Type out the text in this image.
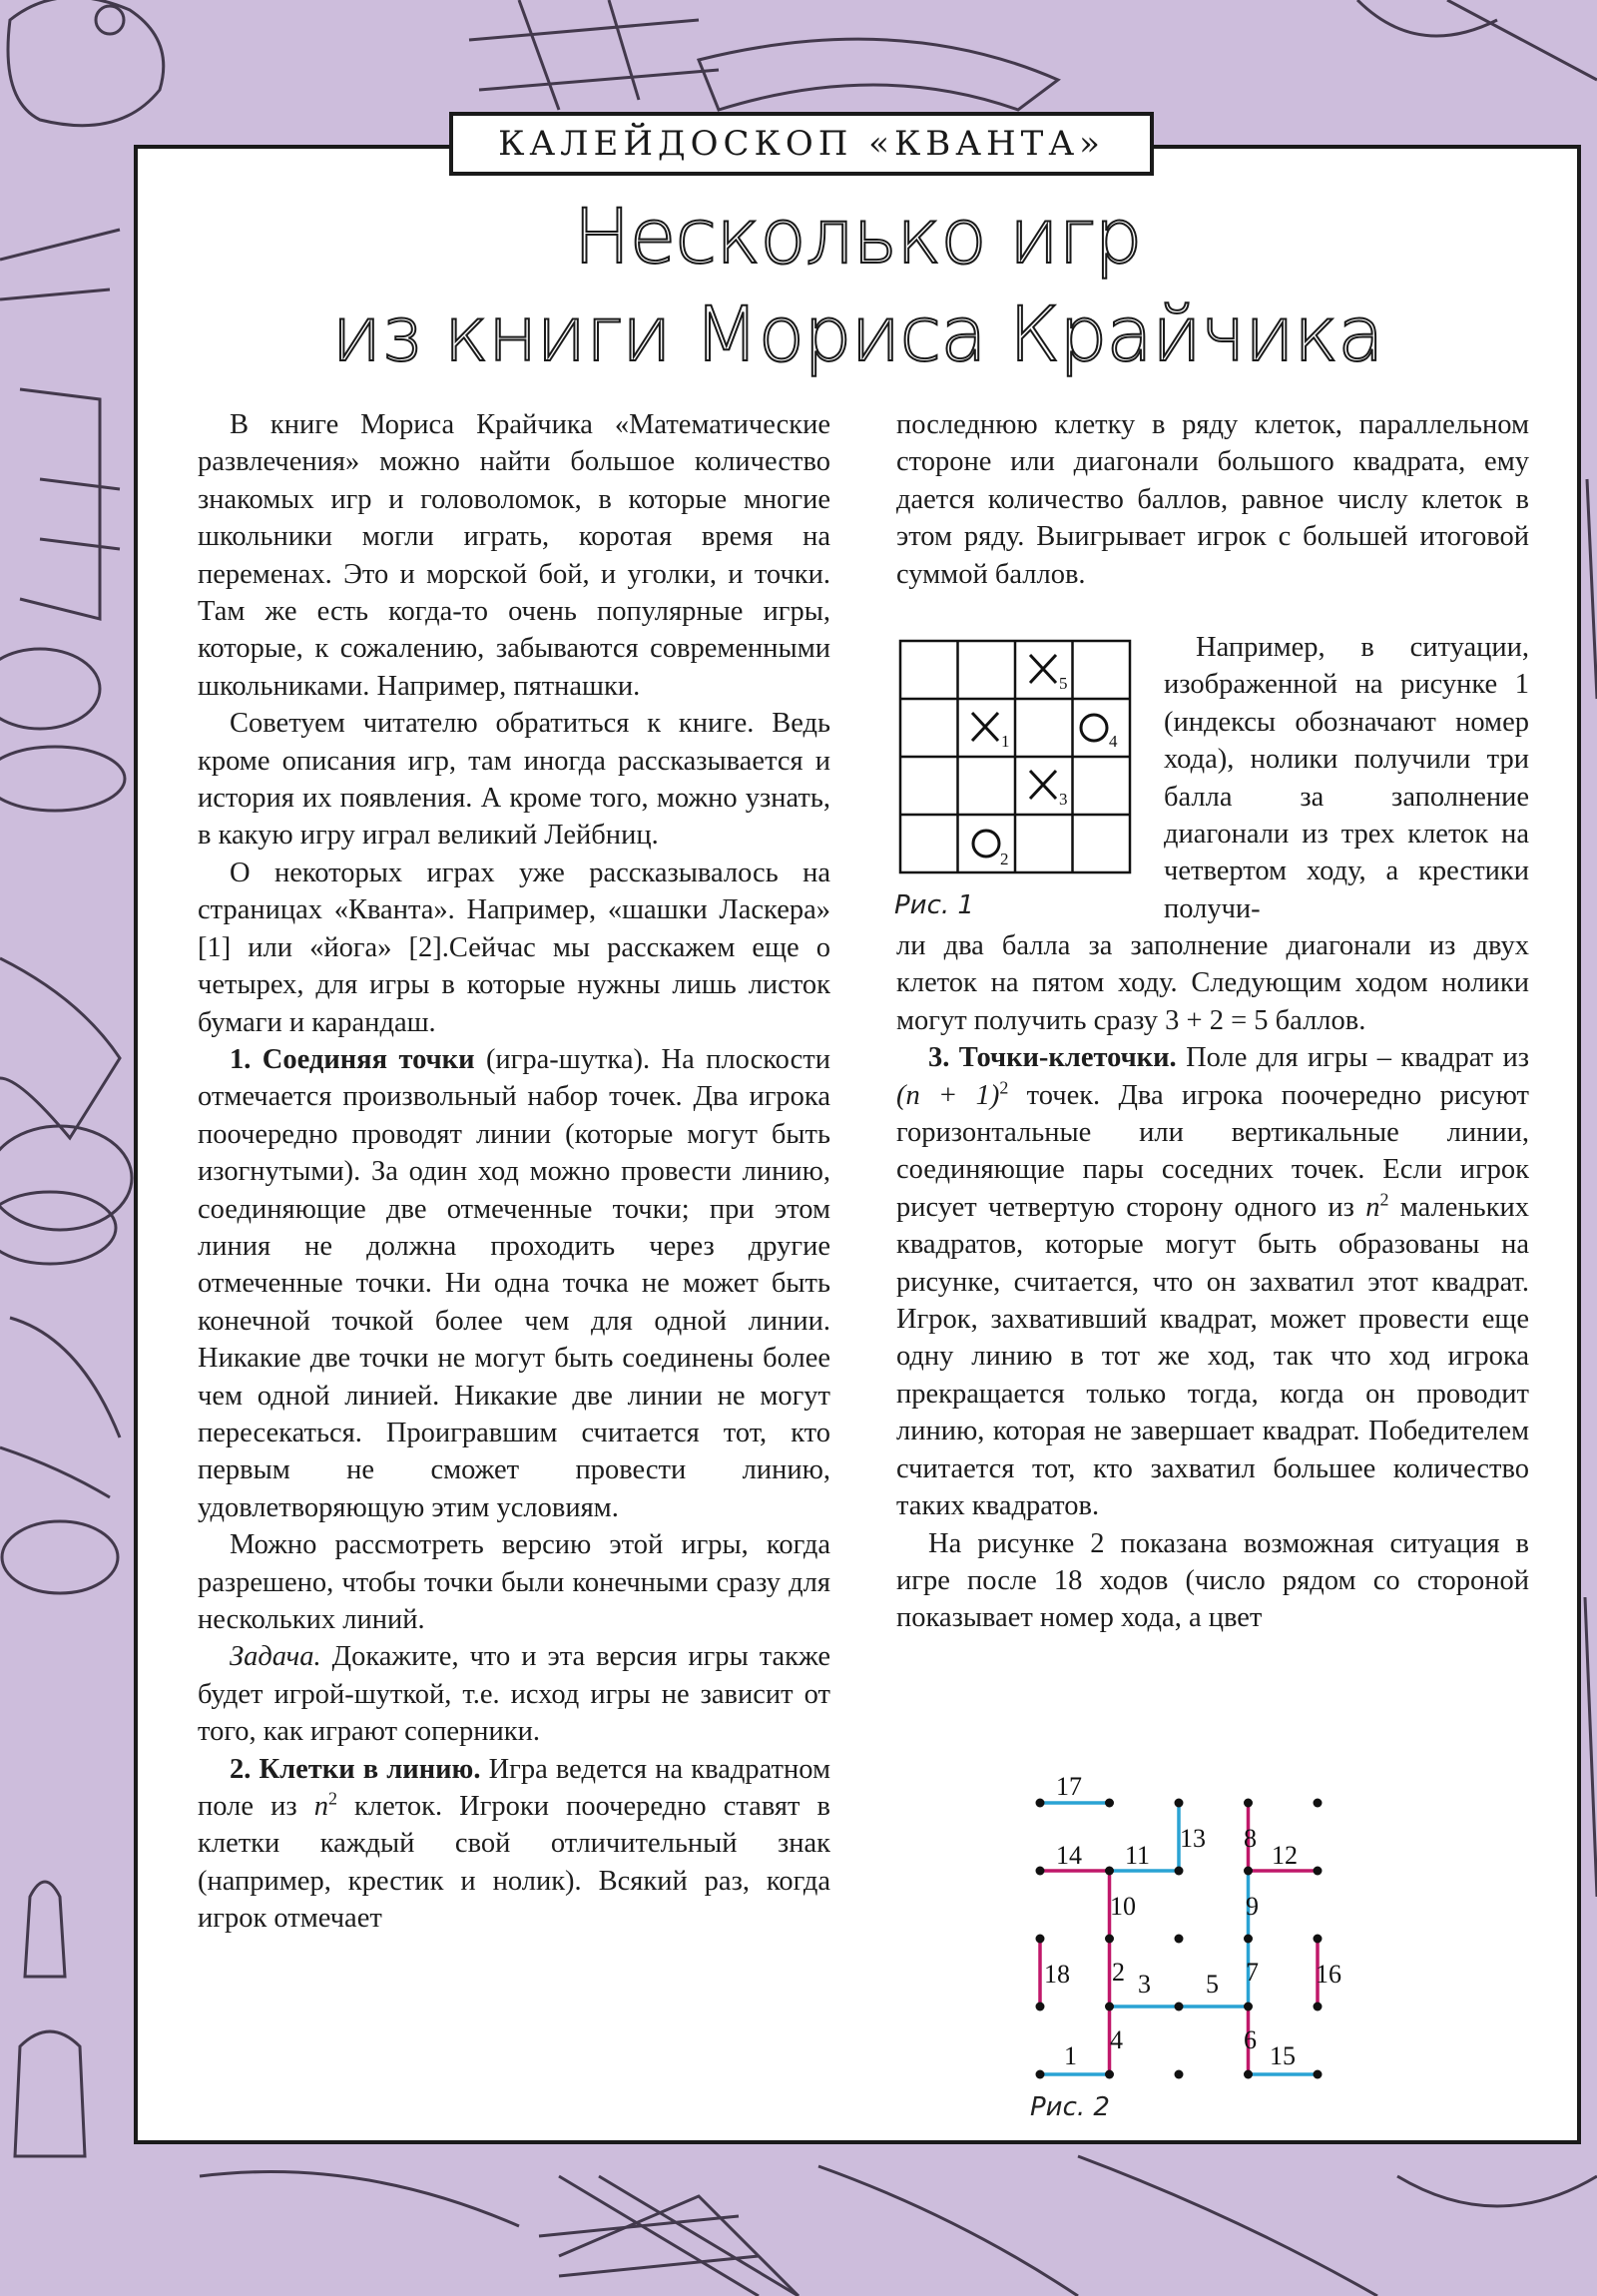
КАЛЕЙДОСКОП «КВАНТА»
Несколько игр
из книги Мориса Крайчика

В книге Мориса Крайчика «Математические развлечения» можно найти большое количество знакомых игр и головоломок, в которые многие школьники могли играть, коротая время на переменах. Это и морской бой, и уголки, и точки. Там же есть когда-то очень популярные игры, которые, к сожалению, забываются современными школьниками. Например, пятнашки.

Советуем читателю обратиться к книге. Ведь кроме описания игр, там иногда рассказывается и история их появления. А кроме того, можно узнать, в какую игру играл великий Лейбниц.

О некоторых играх уже рассказывалось на страницах «Кванта». Например, «шашки Ласкера» [1] или «йога» [2].Сейчас мы расскажем еще о четырех, для игры в которые нужны лишь листок бумаги и карандаш.

1. Соединяя точки (игра-шутка). На плоскости отмечается произвольный набор точек. Два игрока поочередно проводят линии (которые могут быть изогнутыми). За один ход можно провести линию, соединяющие две отмеченные точки; при этом линия не должна проходить через другие отмеченные точки. Ни одна точка не может быть конечной точкой более чем для одной линии. Никакие две точки не могут быть соединены более чем одной линией. Никакие две линии не могут пересекаться. Проигравшим считается тот, кто первым не сможет провести линию, удовлетворяющую этим условиям.

Можно рассмотреть версию этой игры, когда разрешено, чтобы точки были конечными сразу для нескольких линий.

Задача. Докажите, что и эта версия игры также будет игрой-шуткой, т.е. исход игры не зависит от того, как играют соперники.

2. Клетки в линию. Игра ведется на квадратном поле из $n^2$ клеток. Игроки поочередно ставят в клетки каждый свой отличительный знак (например, крестик и нолик). Всякий раз, когда игрок отмечает

последнюю клетку в ряду клеток, параллельном стороне или диагонали большого квадрата, ему дается количество баллов, равное числу клеток в этом ряду. Выигрывает игрок с большей итоговой суммой баллов.

5
1	4
3
2
Рис. 1
Например, в ситуации, изображенной на рисунке 1 (индексы обозначают номер хода), нолики получили три балла за заполнение диагонали из трех клеток на четвертом ходу, а крестики получи-

ли два балла за заполнение диагонали из двух клеток на пятом ходу. Следующим ходом нолики могут получить сразу 3 + 2 = 5 баллов.

3. Точки-клеточки. Поле для игры – квадрат из $(n + 1)^2$ точек. Два игрока поочередно рисуют горизонтальные или вертикальные линии, соединяющие пары соседних точек. Если игрок рисует четвертую сторону одного из $n^2$ маленьких квадратов, которые могут быть образованы на рисунке, считается, что он захватил этот квадрат. Игрок, захвативший квадрат, может провести еще одну линию в тот же ход, так что ход игрока прекращается только тогда, когда он проводит линию, которая не завершает квадрат. Победителем считается тот, кто захватил большее количество таких квадратов.

На рисунке 2 показана возможная ситуация в игре после 18 ходов (число рядом со стороной показывает номер хода, а цвет

17
14 11
13 8
12
10	9
18 2 3 5 7 16
4	6
1	15
Рис. 2
